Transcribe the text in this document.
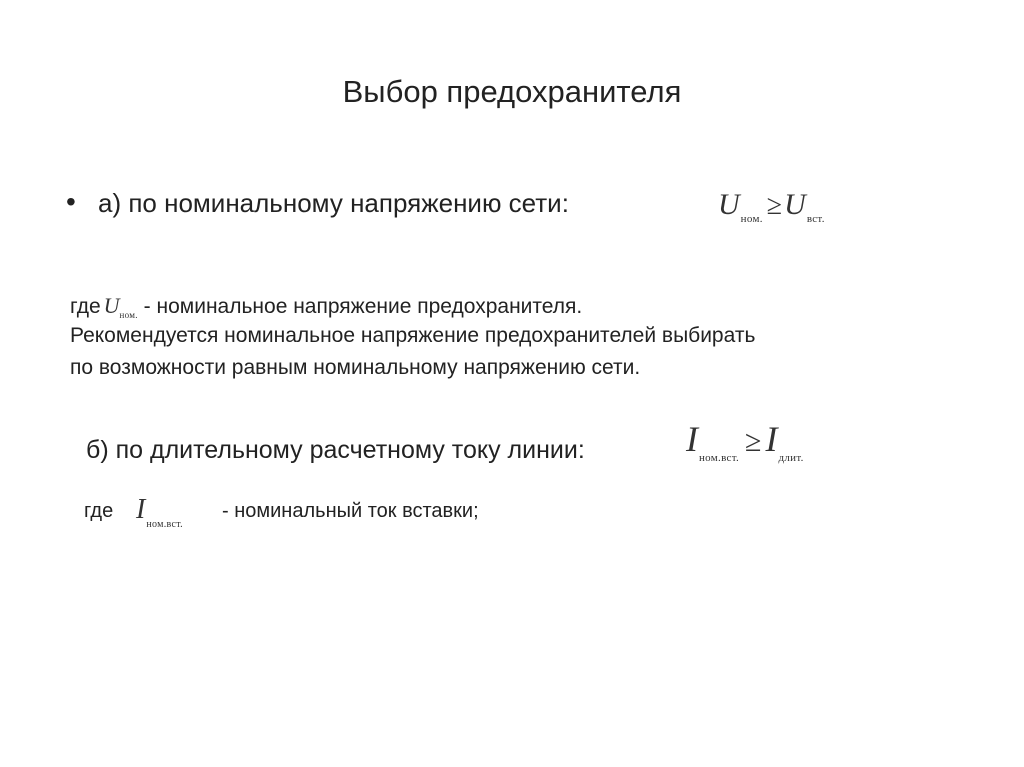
Выбор предохранителя
• а) по номинальному напряжению сети:	$U_{ном.} \ge U_{вст.}$
где $U_{ном.}$ - номинальное напряжение предохранителя.
Рекомендуется номинальное напряжение предохранителей выбирать
по возможности равным номинальному напряжению сети.
б) по длительному расчетному току линии:	$I_{ном.вст.} \ge I_{длит.}$
где $I_{ном.вст.}$
- номинальный ток вставки;
